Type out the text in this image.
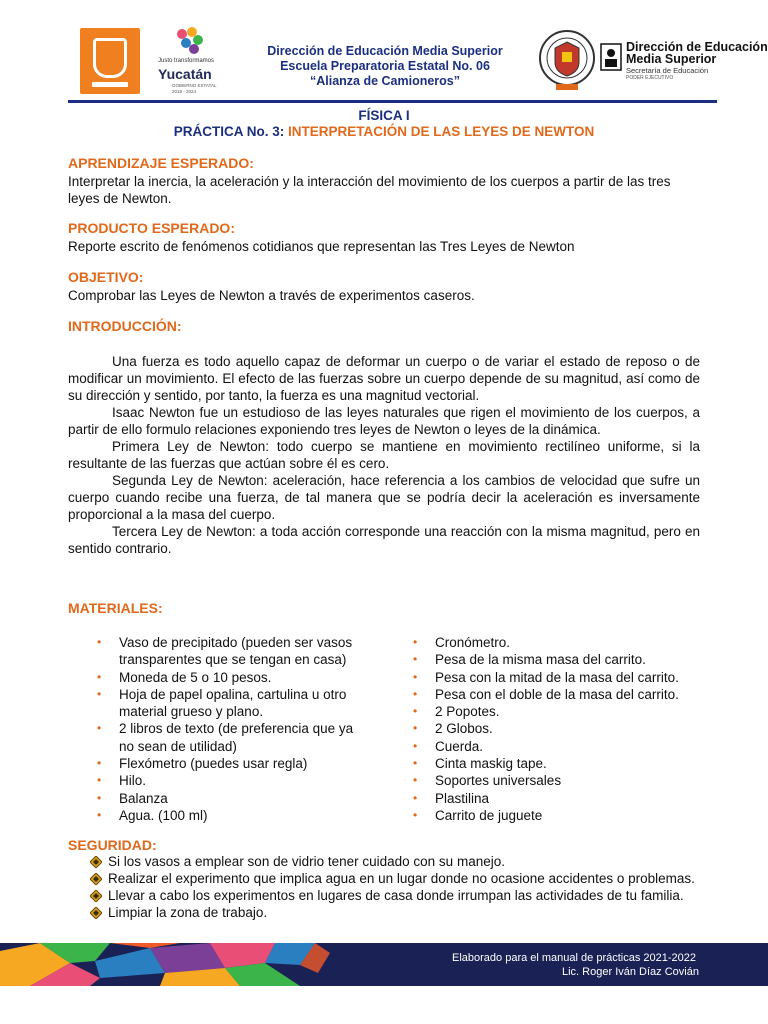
Justo transformamos
Yucatán
GOBIERNO ESTATAL 2018 - 2024
Dirección de Educación Media Superior
Escuela Preparatoria Estatal No. 06
“Alianza de Camioneros”
Dirección de Educación
Media Superior
Secretaría de Educación
PODER EJECUTIVO
FÍSICA I
PRÁCTICA No. 3: INTERPRETACIÓN DE LAS LEYES DE NEWTON
APRENDIZAJE ESPERADO:
Interpretar la inercia, la aceleración y la interacción del movimiento de los cuerpos a partir de las tres leyes de Newton.
PRODUCTO ESPERADO:
Reporte escrito de fenómenos cotidianos que representan las Tres Leyes de Newton
OBJETIVO:
Comprobar las Leyes de Newton a través de experimentos caseros.
INTRODUCCIÓN:

Una fuerza es todo aquello capaz de deformar un cuerpo o de variar el estado de reposo o de modificar un movimiento. El efecto de las fuerzas sobre un cuerpo depende de su magnitud, así como de su dirección y sentido, por tanto, la fuerza es una magnitud vectorial.

Isaac Newton fue un estudioso de las leyes naturales que rigen el movimiento de los cuerpos, a partir de ello formulo relaciones exponiendo tres leyes de Newton o leyes de la dinámica.

Primera Ley de Newton: todo cuerpo se mantiene en movimiento rectilíneo uniforme, si la resultante de las fuerzas que actúan sobre él es cero.

Segunda Ley de Newton: aceleración, hace referencia a los cambios de velocidad que sufre un cuerpo cuando recibe una fuerza, de tal manera que se podría decir la aceleración es inversamente proporcional a la masa del cuerpo.

Tercera Ley de Newton: a toda acción corresponde una reacción con la misma magnitud, pero en sentido contrario.

MATERIALES:
• Vaso de precipitado (pueden ser vasos transparentes que se tengan en casa)
• Moneda de 5 o 10 pesos.
• Hoja de papel opalina, cartulina u otro material grueso y plano.
• 2 libros de texto (de preferencia que ya no sean de utilidad)
• Flexómetro (puedes usar regla)
• Hilo.
• Balanza
• Agua. (100 ml)
• Cronómetro.
• Pesa de la misma masa del carrito.
• Pesa con la mitad de la masa del carrito.
• Pesa con el doble de la masa del carrito.
• 2 Popotes.
• 2 Globos.
• Cuerda.
• Cinta maskig tape.
• Soportes universales
• Plastilina
• Carrito de juguete
SEGURIDAD:
Si los vasos a emplear son de vidrio tener cuidado con su manejo.
Realizar el experimento que implica agua en un lugar donde no ocasione accidentes o problemas.
Llevar a cabo los experimentos en lugares de casa donde irrumpan las actividades de tu familia.
Limpiar la zona de trabajo.
Elaborado para el manual de prácticas 2021-2022
Lic. Roger Iván Díaz Covián
